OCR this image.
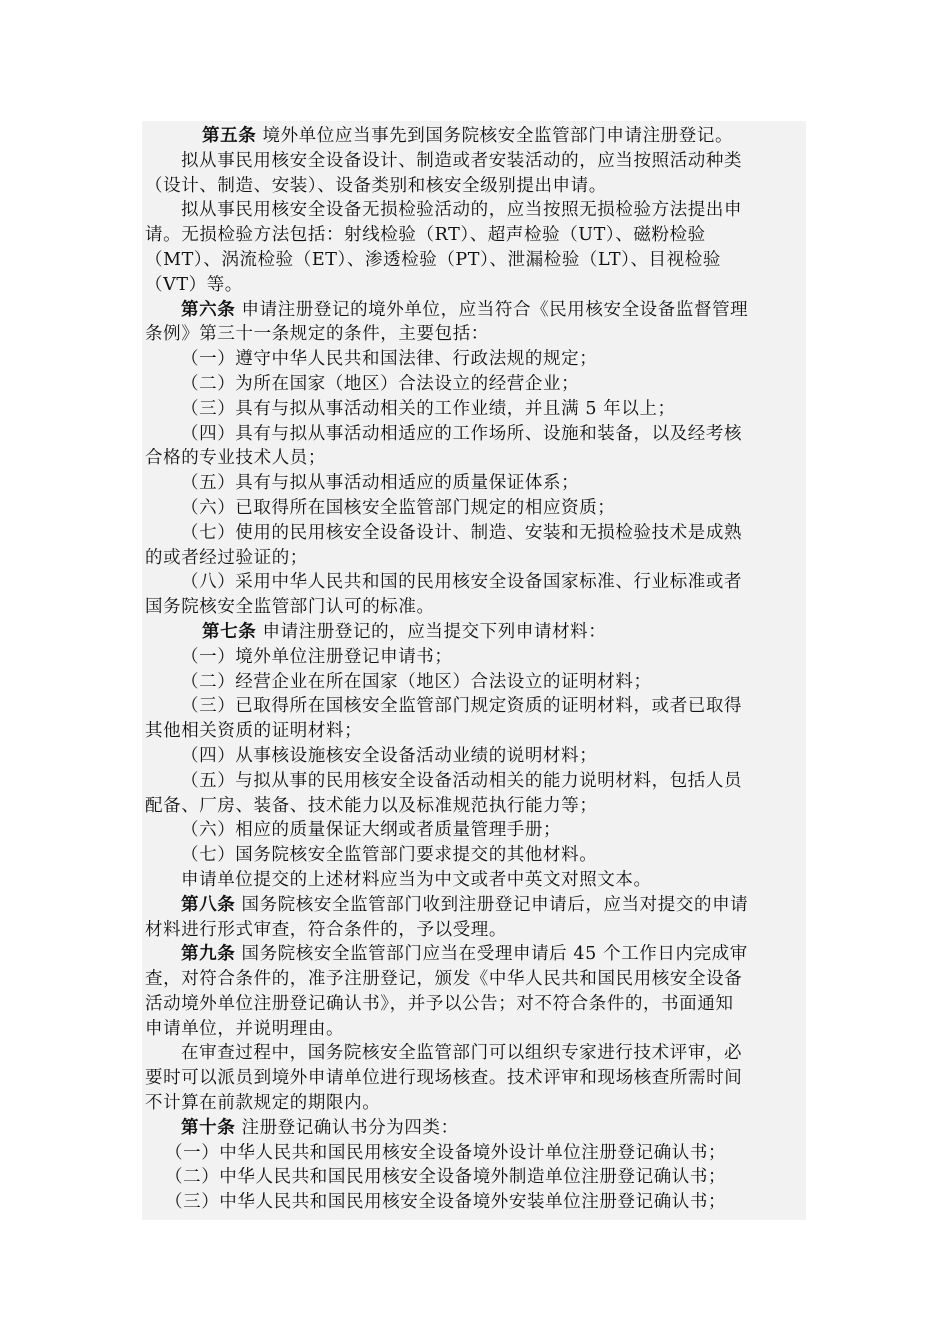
第五条 境外单位应当事先到国务院核安全监管部门申请注册登记。
拟从事民用核安全设备设计、制造或者安装活动的，应当按照活动种类
（设计、制造、安装）、设备类别和核安全级别提出申请。
拟从事民用核安全设备无损检验活动的，应当按照无损检验方法提出申
请。无损检验方法包括：射线检验（RT）、超声检验（UT）、磁粉检验
（MT）、涡流检验（ET）、渗透检验（PT）、泄漏检验（LT）、目视检验
（VT）等。
第六条 申请注册登记的境外单位，应当符合《民用核安全设备监督管理
条例》第三十一条规定的条件，主要包括：
（一）遵守中华人民共和国法律、行政法规的规定；
（二）为所在国家（地区）合法设立的经营企业；
（三）具有与拟从事活动相关的工作业绩，并且满 5 年以上；
（四）具有与拟从事活动相适应的工作场所、设施和装备，以及经考核
合格的专业技术人员；
（五）具有与拟从事活动相适应的质量保证体系；
（六）已取得所在国核安全监管部门规定的相应资质；
（七）使用的民用核安全设备设计、制造、安装和无损检验技术是成熟
的或者经过验证的；
（八）采用中华人民共和国的民用核安全设备国家标准、行业标准或者
国务院核安全监管部门认可的标准。
第七条 申请注册登记的，应当提交下列申请材料：
（一）境外单位注册登记申请书；
（二）经营企业在所在国家（地区）合法设立的证明材料；
（三）已取得所在国核安全监管部门规定资质的证明材料，或者已取得
其他相关资质的证明材料；
（四）从事核设施核安全设备活动业绩的说明材料；
（五）与拟从事的民用核安全设备活动相关的能力说明材料，包括人员
配备、厂房、装备、技术能力以及标准规范执行能力等；
（六）相应的质量保证大纲或者质量管理手册；
（七）国务院核安全监管部门要求提交的其他材料。
申请单位提交的上述材料应当为中文或者中英文对照文本。
第八条 国务院核安全监管部门收到注册登记申请后，应当对提交的申请
材料进行形式审查，符合条件的，予以受理。
第九条 国务院核安全监管部门应当在受理申请后 45 个工作日内完成审
查，对符合条件的，准予注册登记，颁发《中华人民共和国民用核安全设备
活动境外单位注册登记确认书》，并予以公告；对不符合条件的，书面通知
申请单位，并说明理由。
在审查过程中，国务院核安全监管部门可以组织专家进行技术评审，必
要时可以派员到境外申请单位进行现场核查。技术评审和现场核查所需时间
不计算在前款规定的期限内。
第十条 注册登记确认书分为四类：
（一）中华人民共和国民用核安全设备境外设计单位注册登记确认书；
（二）中华人民共和国民用核安全设备境外制造单位注册登记确认书；
（三）中华人民共和国民用核安全设备境外安装单位注册登记确认书；
